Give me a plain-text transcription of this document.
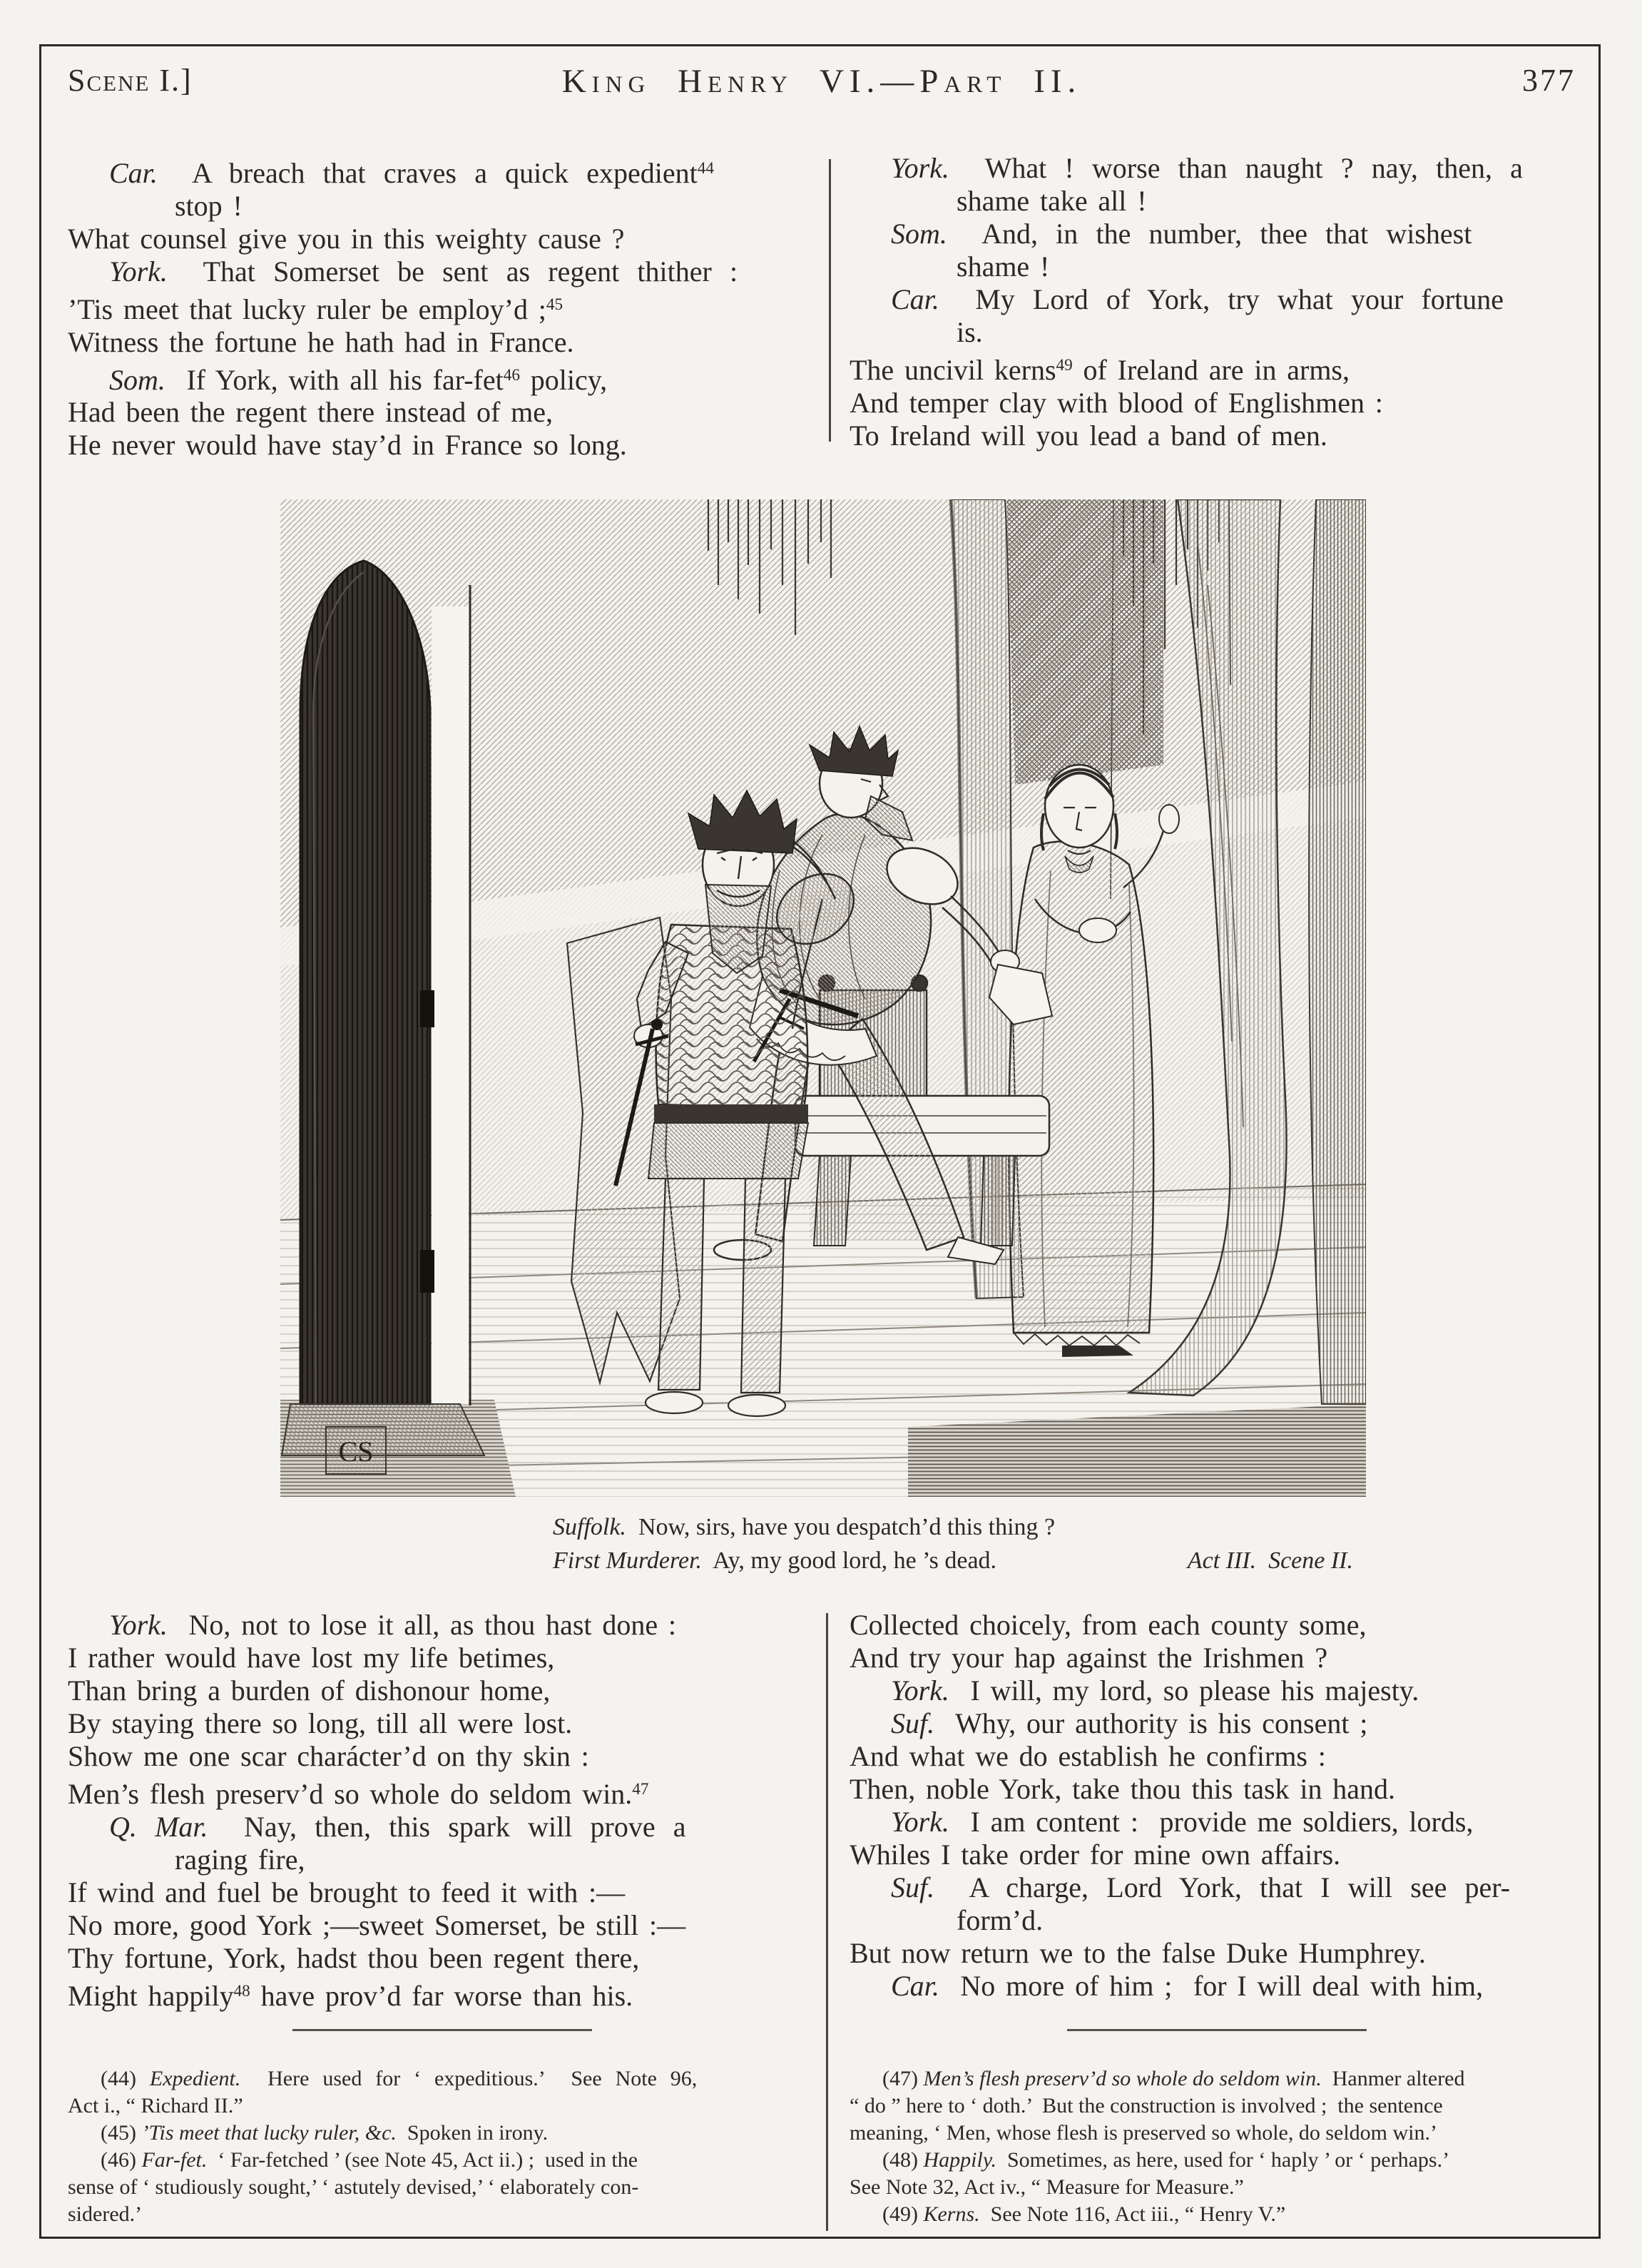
Scene I.]	King Henry VI.—Part II.	377
Car.  A breach that craves a quick expedient$^{44}$
stop !
What counsel give you in this weighty cause ?
York.  That Somerset be sent as regent thither :
’Tis meet that lucky ruler be employ’d ;$^{45}$
Witness the fortune he hath had in France.
Som.  If York, with all his far-fet$^{46}$ policy,
Had been the regent there instead of me,
He never would have stay’d in France so long.
York.  What ! worse than naught ? nay, then, a
shame take all !
Som.  And, in the number, thee that wishest
shame !
Car.  My Lord of York, try what your fortune
is.
The uncivil kerns$^{49}$ of Ireland are in arms,
And temper clay with blood of Englishmen :
To Ireland will you lead a band of men.
CS
Suffolk.  Now, sirs, have you despatch’d this thing ?
First Murderer.  Ay, my good lord, he ’s dead.	Act III.  Scene II.
York.  No, not to lose it all, as thou hast done :
I rather would have lost my life betimes,
Than bring a burden of dishonour home,
By staying there so long, till all were lost.
Show me one scar charácter’d on thy skin :
Men’s flesh preserv’d so whole do seldom win.$^{47}$
Q. Mar.  Nay, then, this spark will prove a
raging fire,
If wind and fuel be brought to feed it with :—
No more, good York ;—sweet Somerset, be still :—
Thy fortune, York, hadst thou been regent there,
Might happily$^{48}$ have prov’d far worse than his.
Collected choicely, from each county some,
And try your hap against the Irishmen ?
York.  I will, my lord, so please his majesty.
Suf.  Why, our authority is his consent ;
And what we do establish he confirms :
Then, noble York, take thou this task in hand.
York.  I am content :  provide me soldiers, lords,
Whiles I take order for mine own affairs.
Suf.  A charge, Lord York, that I will see per-
form’d.
But now return we to the false Duke Humphrey.
Car.  No more of him ;  for I will deal with him,
(44) Expedient.  Here used for ‘ expeditious.’  See Note 96,
Act i., “ Richard II.”
(45) ’Tis meet that lucky ruler, &c.  Spoken in irony.
(46) Far-fet.  ‘ Far-fetched ’ (see Note 45, Act ii.) ;  used in the
sense of ‘ studiously sought,’ ‘ astutely devised,’ ‘ elaborately con-
sidered.’
(47) Men’s flesh preserv’d so whole do seldom win.  Hanmer altered
“ do ” here to ‘ doth.’  But the construction is involved ;  the sentence
meaning, ‘ Men, whose flesh is preserved so whole, do seldom win.’
(48) Happily.  Sometimes, as here, used for ‘ haply ’ or ‘ perhaps.’
See Note 32, Act iv., “ Measure for Measure.”
(49) Kerns.  See Note 116, Act iii., “ Henry V.”
